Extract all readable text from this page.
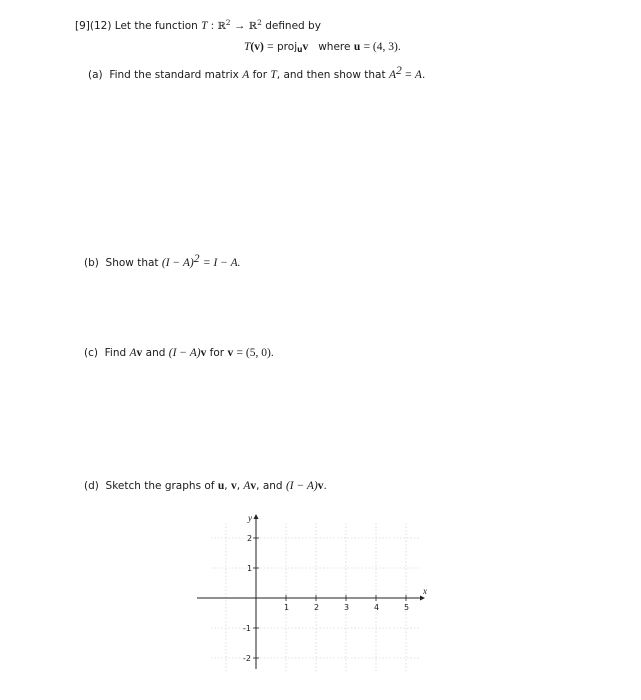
[9](12) Let the function T : ℝ$^2$ → ℝ$^2$ defined by
T(v) = proj$_u$v where u = (4, 3).
(a) Find the standard matrix A for T, and then show that $A^2 = A$.
(b) Show that $(I - A)^2 = I - A$.
(c) Find Av and (I − A)v for v = (5, 0).
(d) Sketch the graphs of u, v, Av, and (I − A)v.
1	2	3	4	5
2
1
-1
-2
x
y
